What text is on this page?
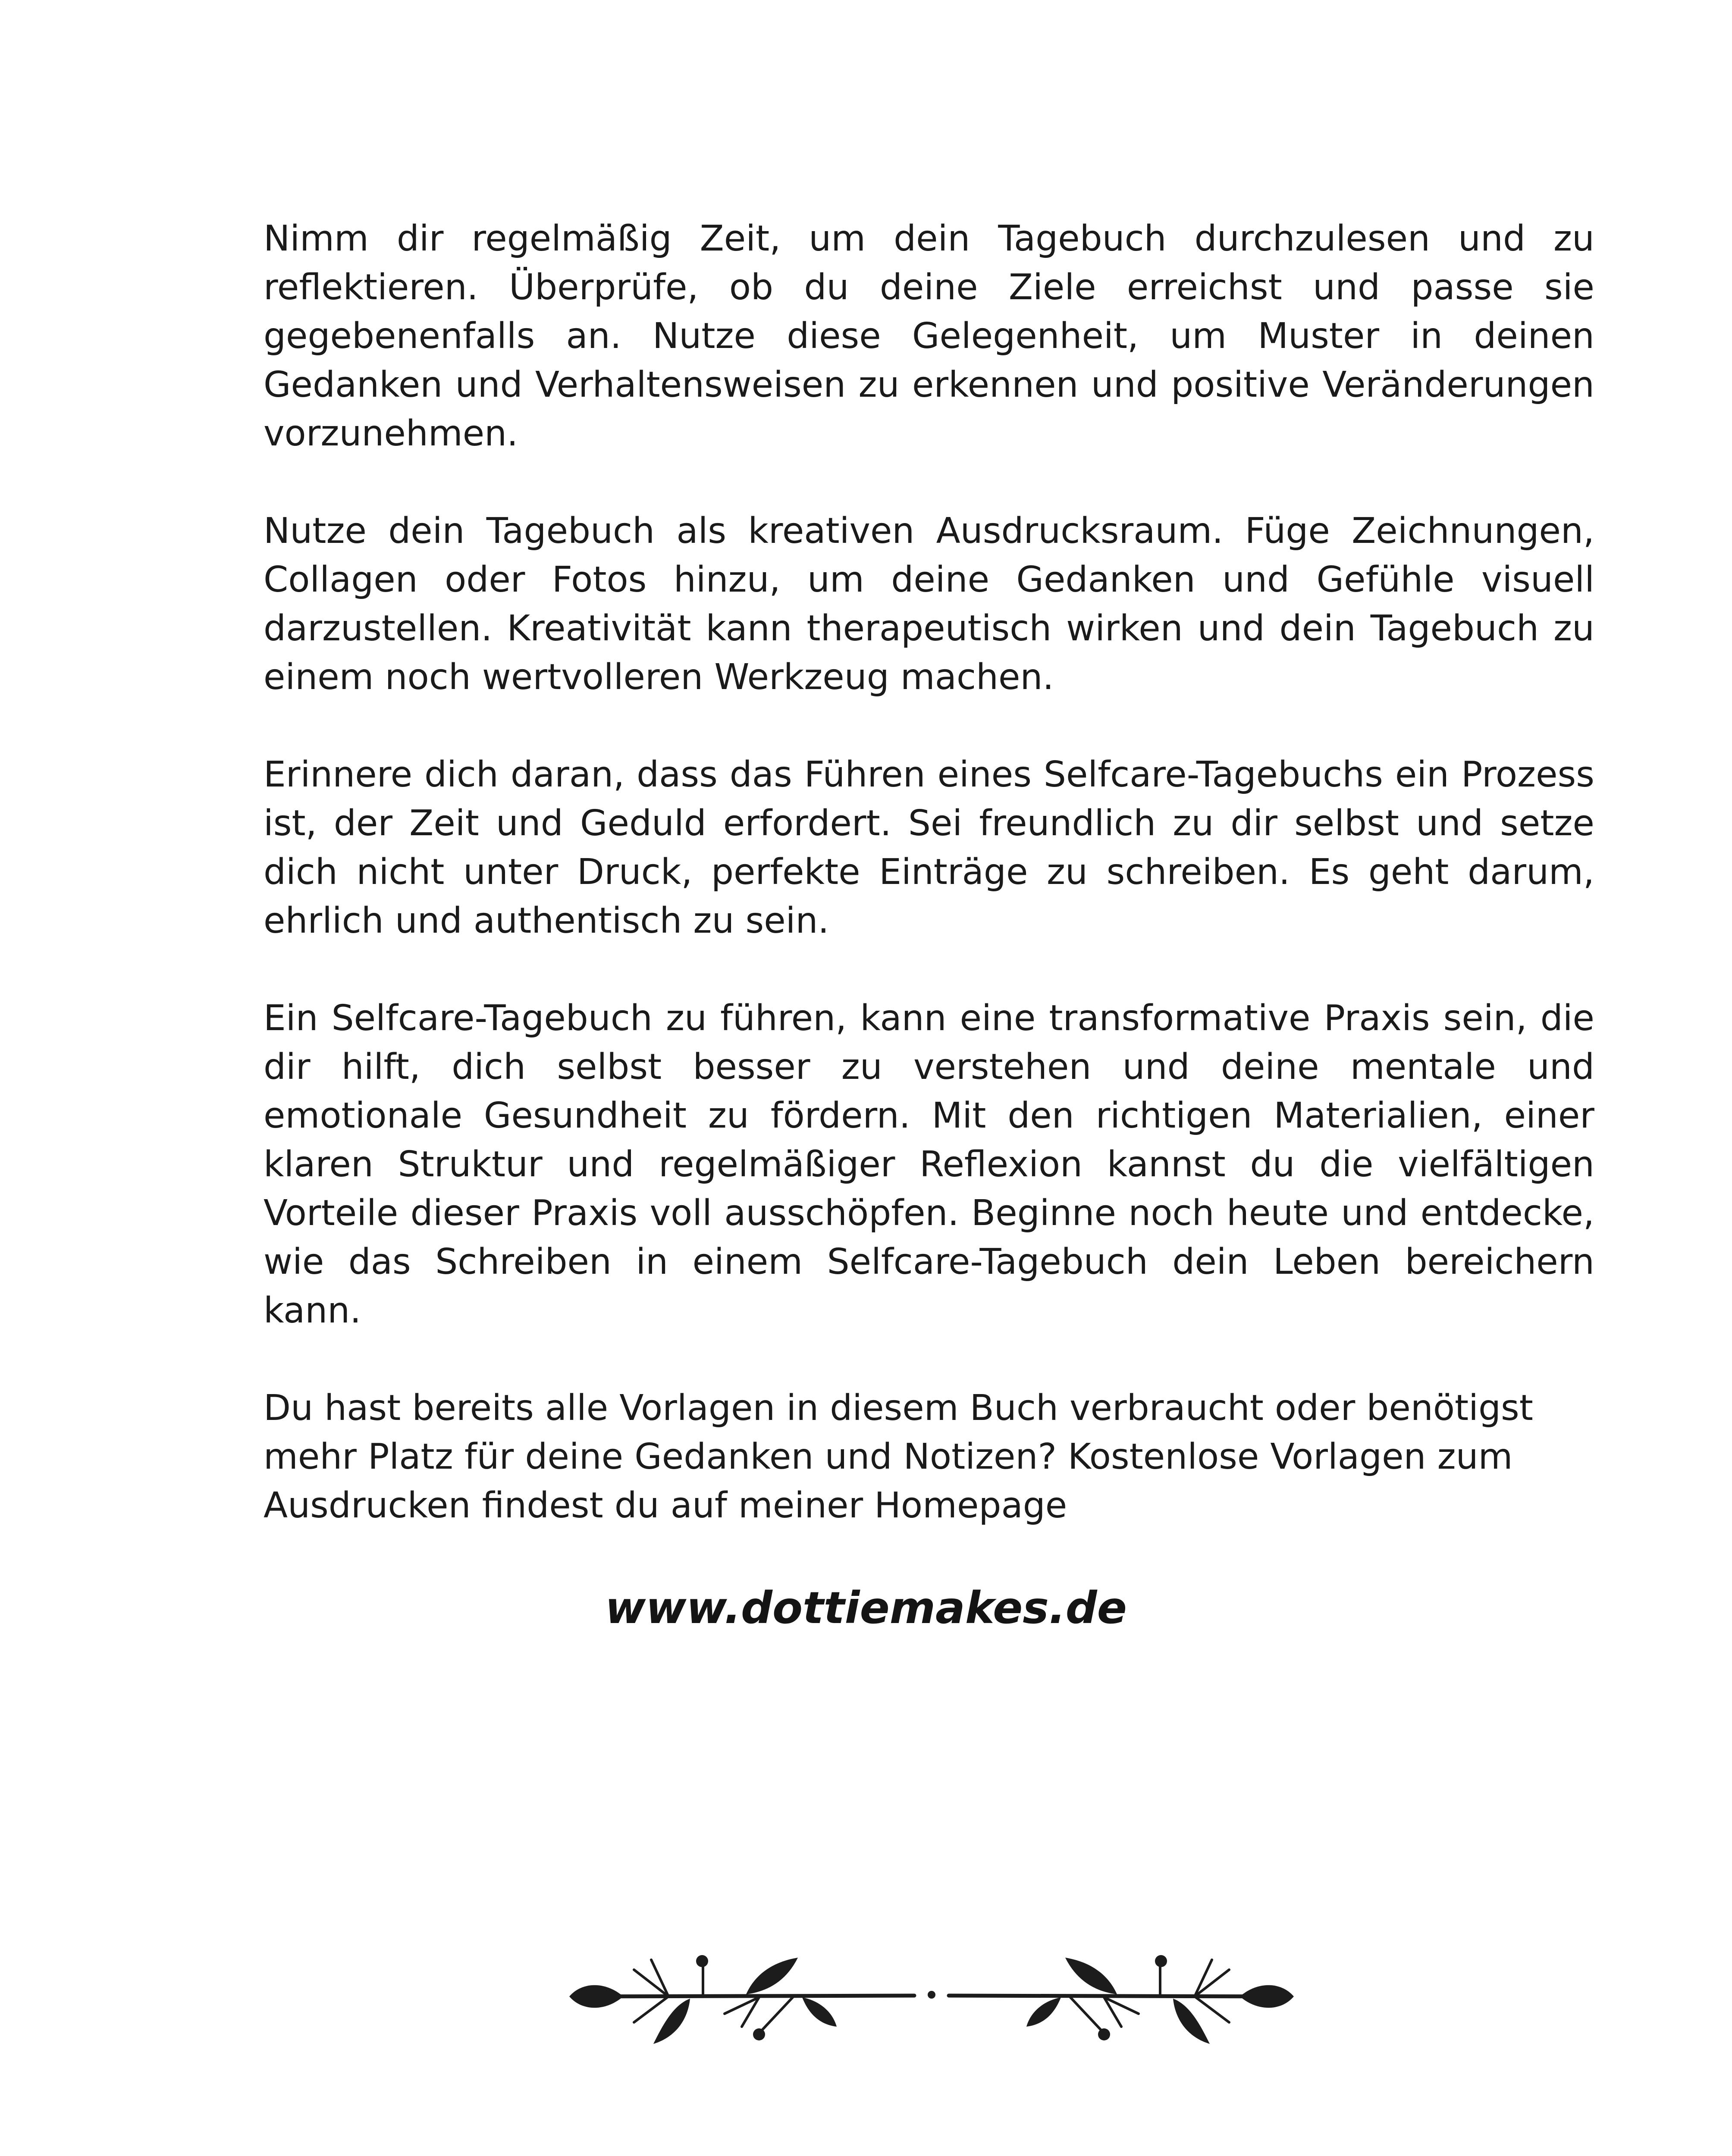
Nimm dir regelmäßig Zeit, um dein Tagebuch durchzulesen und zu reflektieren. Überprüfe, ob du deine Ziele erreichst und passe sie gegebenenfalls an. Nutze diese Gelegenheit, um Muster in deinen Gedanken und Verhaltensweisen zu erkennen und positive Veränderungen vorzunehmen.

Nutze dein Tagebuch als kreativen Ausdrucksraum. Füge Zeichnungen, Collagen oder Fotos hinzu, um deine Gedanken und Gefühle visuell darzustellen. Kreativität kann therapeutisch wirken und dein Tagebuch zu einem noch wertvolleren Werkzeug machen.

Erinnere dich daran, dass das Führen eines Selfcare-Tagebuchs ein Prozess ist, der Zeit und Geduld erfordert. Sei freundlich zu dir selbst und setze dich nicht unter Druck, perfekte Einträge zu schreiben. Es geht darum, ehrlich und authentisch zu sein.

Ein Selfcare-Tagebuch zu führen, kann eine transformative Praxis sein, die dir hilft, dich selbst besser zu verstehen und deine mentale und emotionale Gesundheit zu fördern. Mit den richtigen Materialien, einer klaren Struktur und regelmäßiger Reflexion kannst du die vielfältigen Vorteile dieser Praxis voll ausschöpfen. Beginne noch heute und entdecke, wie das Schreiben in einem Selfcare-Tagebuch dein Leben bereichern kann.

Du hast bereits alle Vorlagen in diesem Buch verbraucht oder benötigst mehr Platz für deine Gedanken und Notizen? Kostenlose Vorlagen zum Ausdrucken findest du auf meiner Homepage

www.dottiemakes.de
